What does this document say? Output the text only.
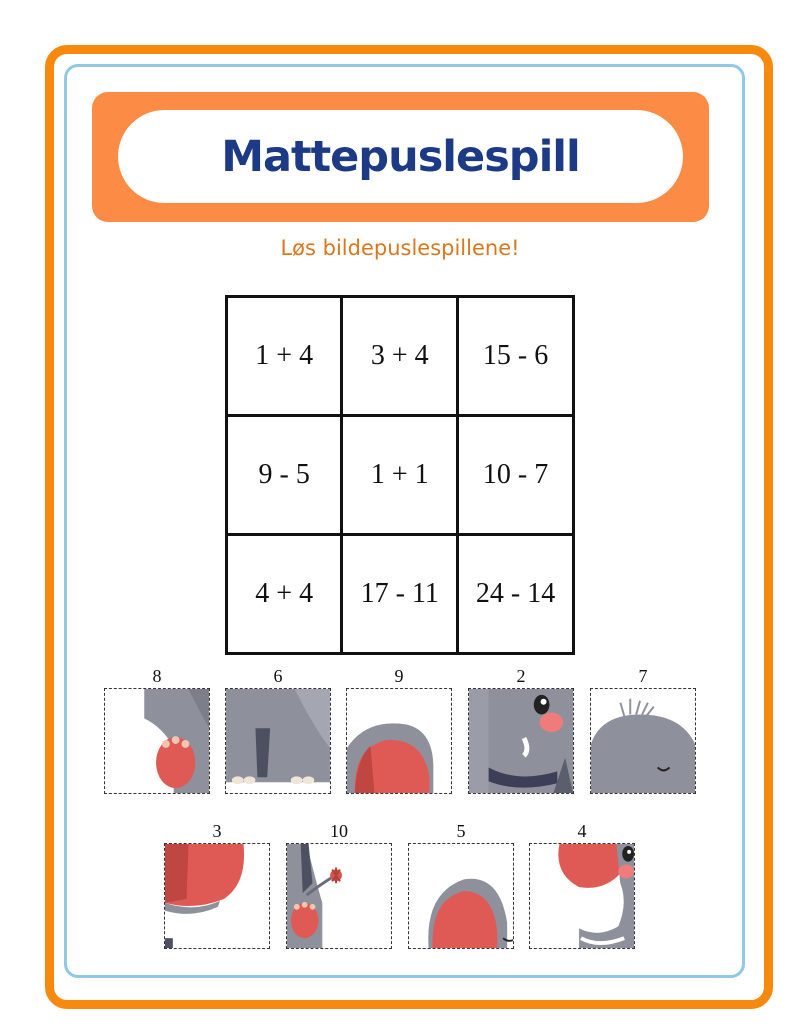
Mattepuslespill
Løs bildepuslespillene!
1 + 4	3 + 4	15 - 6
9 - 5	1 + 1	10 - 7
4 + 4	17 - 11	24 - 14
8	6	9	2	7
3	10	5	4
